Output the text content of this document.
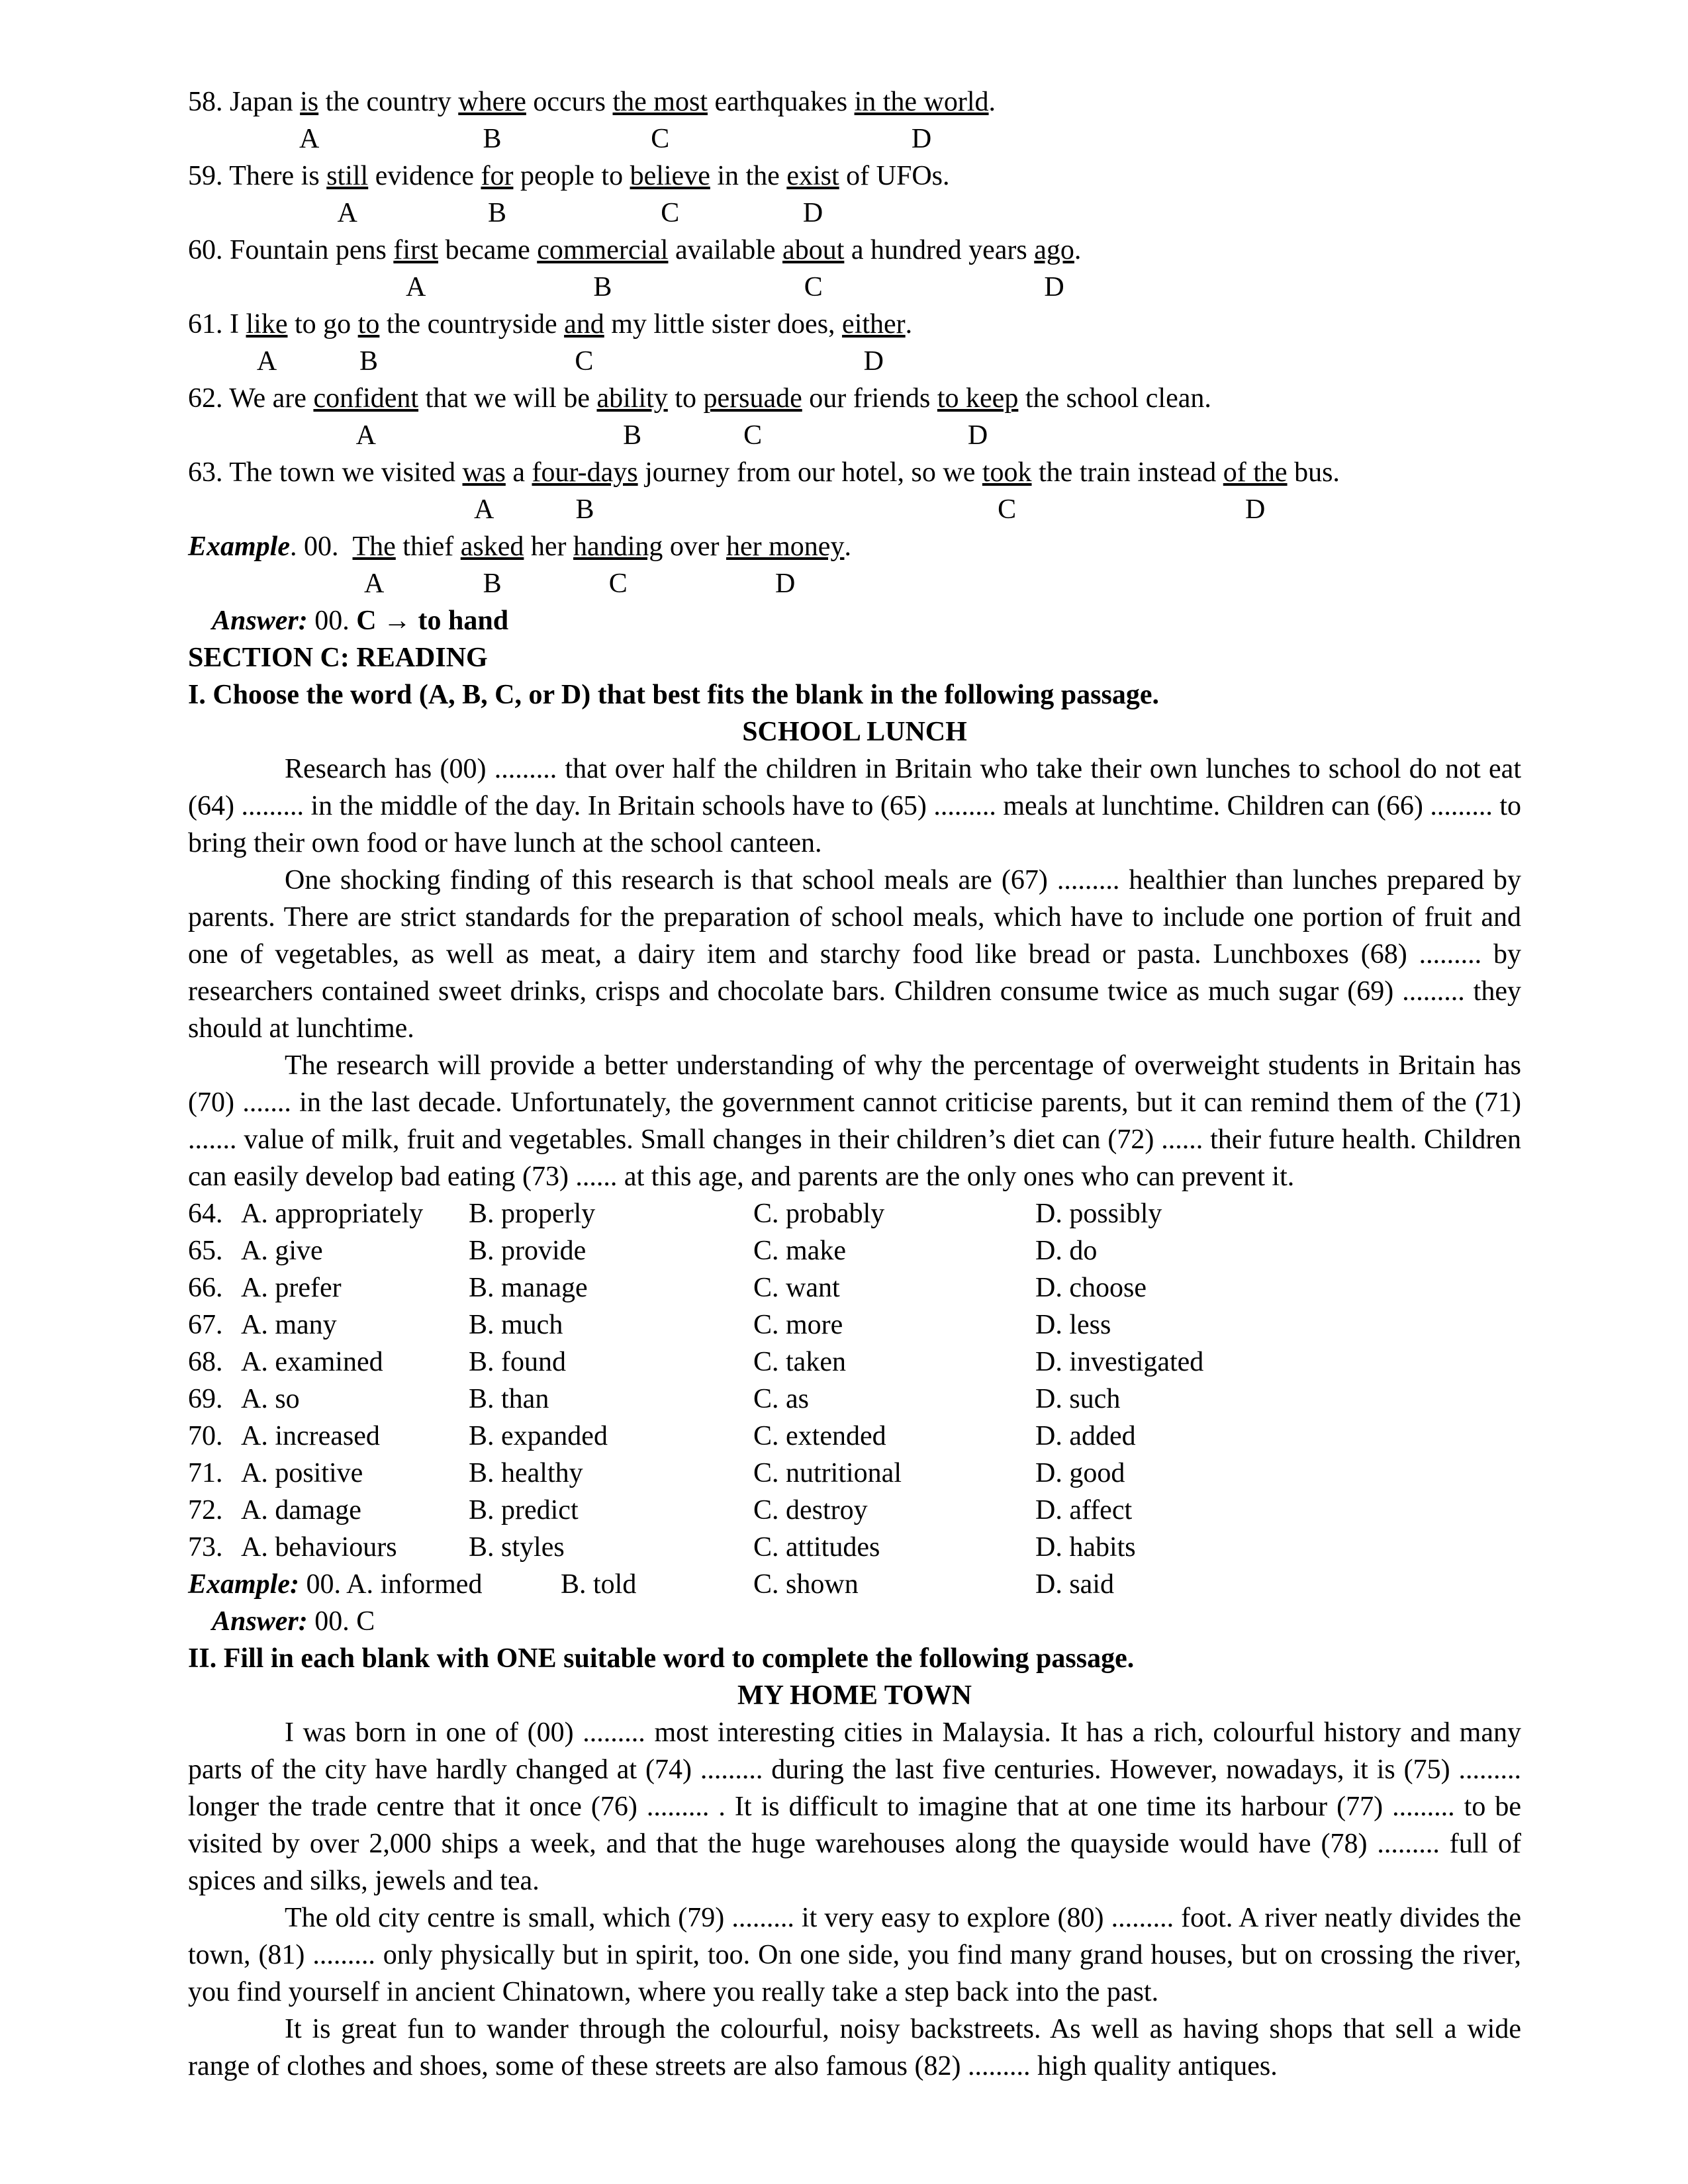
58. Japan $\frac{is}{A}$ the country where
B
occurs the most
C
earthquakes in the world
D
.
59. There is still
A
evidence for
B
people to believe
C
in the exist
D
of UFOs.
60. Fountain pens first
A
became commercial
B
available about
C
a hundred years ago
D
.
61. I like
A
to go $\frac{to}{B}$ the countryside and
C
my little sister does, either
D
.
62. We are confident
A
that we will be ability
B
to persuade
C
our friends to keep
D
the school clean.
63. The town we visited was
A
a four-days
B
journey from our hotel, so we took
C
the train instead of the
D
bus.
Example. 00.  The
A
thief asked
B
her handing
C
over her money
D
.
Answer: 00. C → to hand
SECTION C: READING
I. Choose the word (A, B, C, or D) that best fits the blank in the following passage.
SCHOOL LUNCH

Research has (00) ......... that over half the children in Britain who take their own lunches to school do not eat (64) ......... in the middle of the day. In Britain schools have to (65) ......... meals at lunchtime. Children can (66) ......... to bring their own food or have lunch at the school canteen.

One shocking finding of this research is that school meals are (67) ......... healthier than lunches prepared by parents. There are strict standards for the preparation of school meals, which have to include one portion of fruit and one of vegetables, as well as meat, a dairy item and starchy food like bread or pasta. Lunchboxes (68) ......... by researchers contained sweet drinks, crisps and chocolate bars. Children consume twice as much sugar (69) ......... they should at lunchtime.

The research will provide a better understanding of why the percentage of overweight students in Britain has (70) ....... in the last decade. Unfortunately, the government cannot criticise parents, but it can remind them of the (71) ....... value of milk, fruit and vegetables. Small changes in their children’s diet can (72) ...... their future health. Children can easily develop bad eating (73) ...... at this age, and parents are the only ones who can prevent it.

64. A. appropriately	B. properly	C. probably	D. possibly
65. A. give	B. provide	C. make	D. do
66. A. prefer	B. manage	C. want	D. choose
67. A. many	B. much	C. more	D. less
68. A. examined	B. found	C. taken	D. investigated
69. A. so	B. than	C. as	D. such
70. A. increased	B. expanded	C. extended	D. added
71. A. positive	B. healthy	C. nutritional	D. good
72. A. damage	B. predict	C. destroy	D. affect
73. A. behaviours	B. styles	C. attitudes	D. habits
Example: 00. A. informed	B. told	C. shown	D. said
Answer: 00. C
II. Fill in each blank with ONE suitable word to complete the following passage.
MY HOME TOWN

I was born in one of (00) ......... most interesting cities in Malaysia. It has a rich, colourful history and many parts of the city have hardly changed at (74) ......... during the last five centuries. However, nowadays, it is (75) ......... longer the trade centre that it once (76) ......... . It is difficult to imagine that at one time its harbour (77) ......... to be visited by over 2,000 ships a week, and that the huge warehouses along the quayside would have (78) ......... full of spices and silks, jewels and tea.

The old city centre is small, which (79) ......... it very easy to explore (80) ......... foot. A river neatly divides the town, (81) ......... only physically but in spirit, too. On one side, you find many grand houses, but on crossing the river, you find yourself in ancient Chinatown, where you really take a step back into the past.

It is great fun to wander through the colourful, noisy backstreets. As well as having shops that sell a wide range of clothes and shoes, some of these streets are also famous (82) ......... high quality antiques.
